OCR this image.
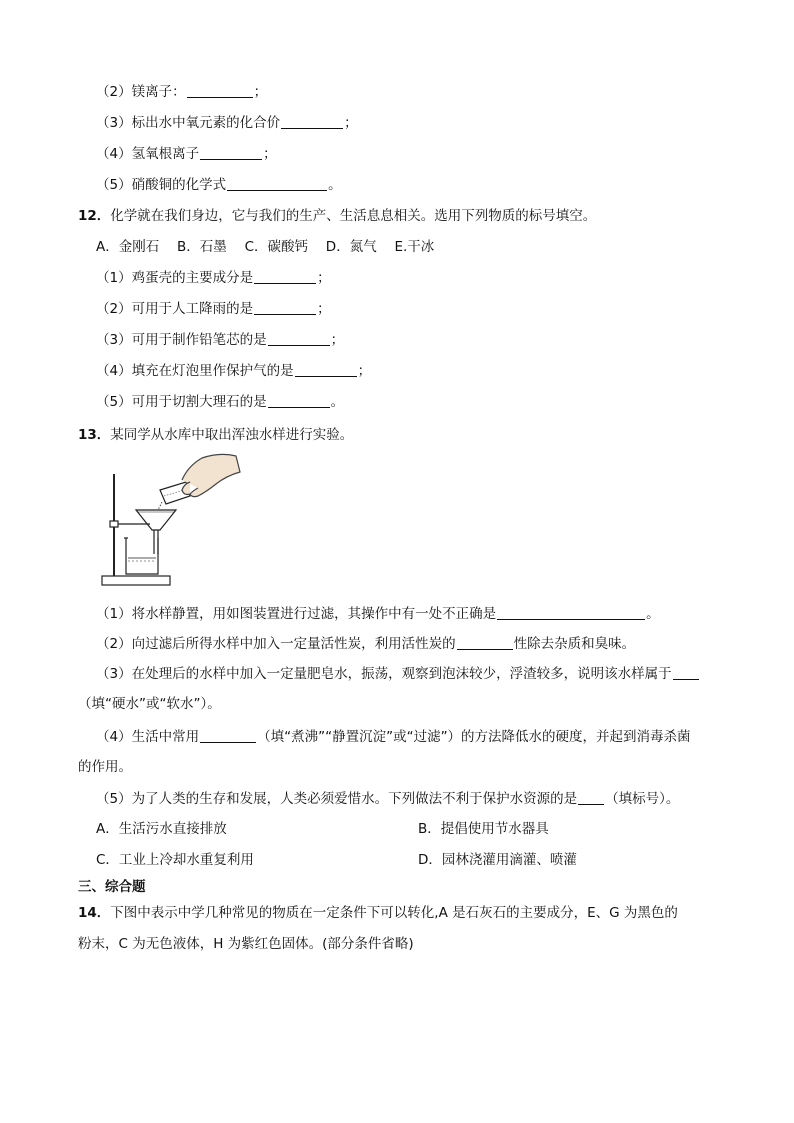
（2）镁离子：	；
（3）标出水中氧元素的化合价	；
（4）氢氧根离子	；
（5）硝酸铜的化学式	。
12．化学就在我们身边，它与我们的生产、生活息息相关。选用下列物质的标号填空。
A．金刚石　 B．石墨　 C．碳酸钙　 D．氮气　 E.干冰
（1）鸡蛋壳的主要成分是	；
（2）可用于人工降雨的是	；
（3）可用于制作铅笔芯的是	；
（4）填充在灯泡里作保护气的是	；
（5）可用于切割大理石的是	。
13．某同学从水库中取出浑浊水样进行实验。
（1）将水样静置，用如图装置进行过滤，其操作中有一处不正确是	。
（2）向过滤后所得水样中加入一定量活性炭，利用活性炭的	性除去杂质和臭味。
（3）在处理后的水样中加入一定量肥皂水，振荡，观察到泡沫较少，浮渣较多，说明该水样属于
（填“硬水”或“软水”）。
（4）生活中常用	（填“煮沸”“静置沉淀”或“过滤”）的方法降低水的硬度，并起到消毒杀菌
的作用。
（5）为了人类的生存和发展，人类必须爱惜水。下列做法不利于保护水资源的是 （填标号）。
A．生活污水直接排放	B．提倡使用节水器具
C．工业上冷却水重复利用	D．园林浇灌用滴灌、喷灌
三、综合题
14．下图中表示中学几种常见的物质在一定条件下可以转化,A 是石灰石的主要成分，E、G 为黑色的
粉末，C 为无色液体，H 为紫红色固体。(部分条件省略)
